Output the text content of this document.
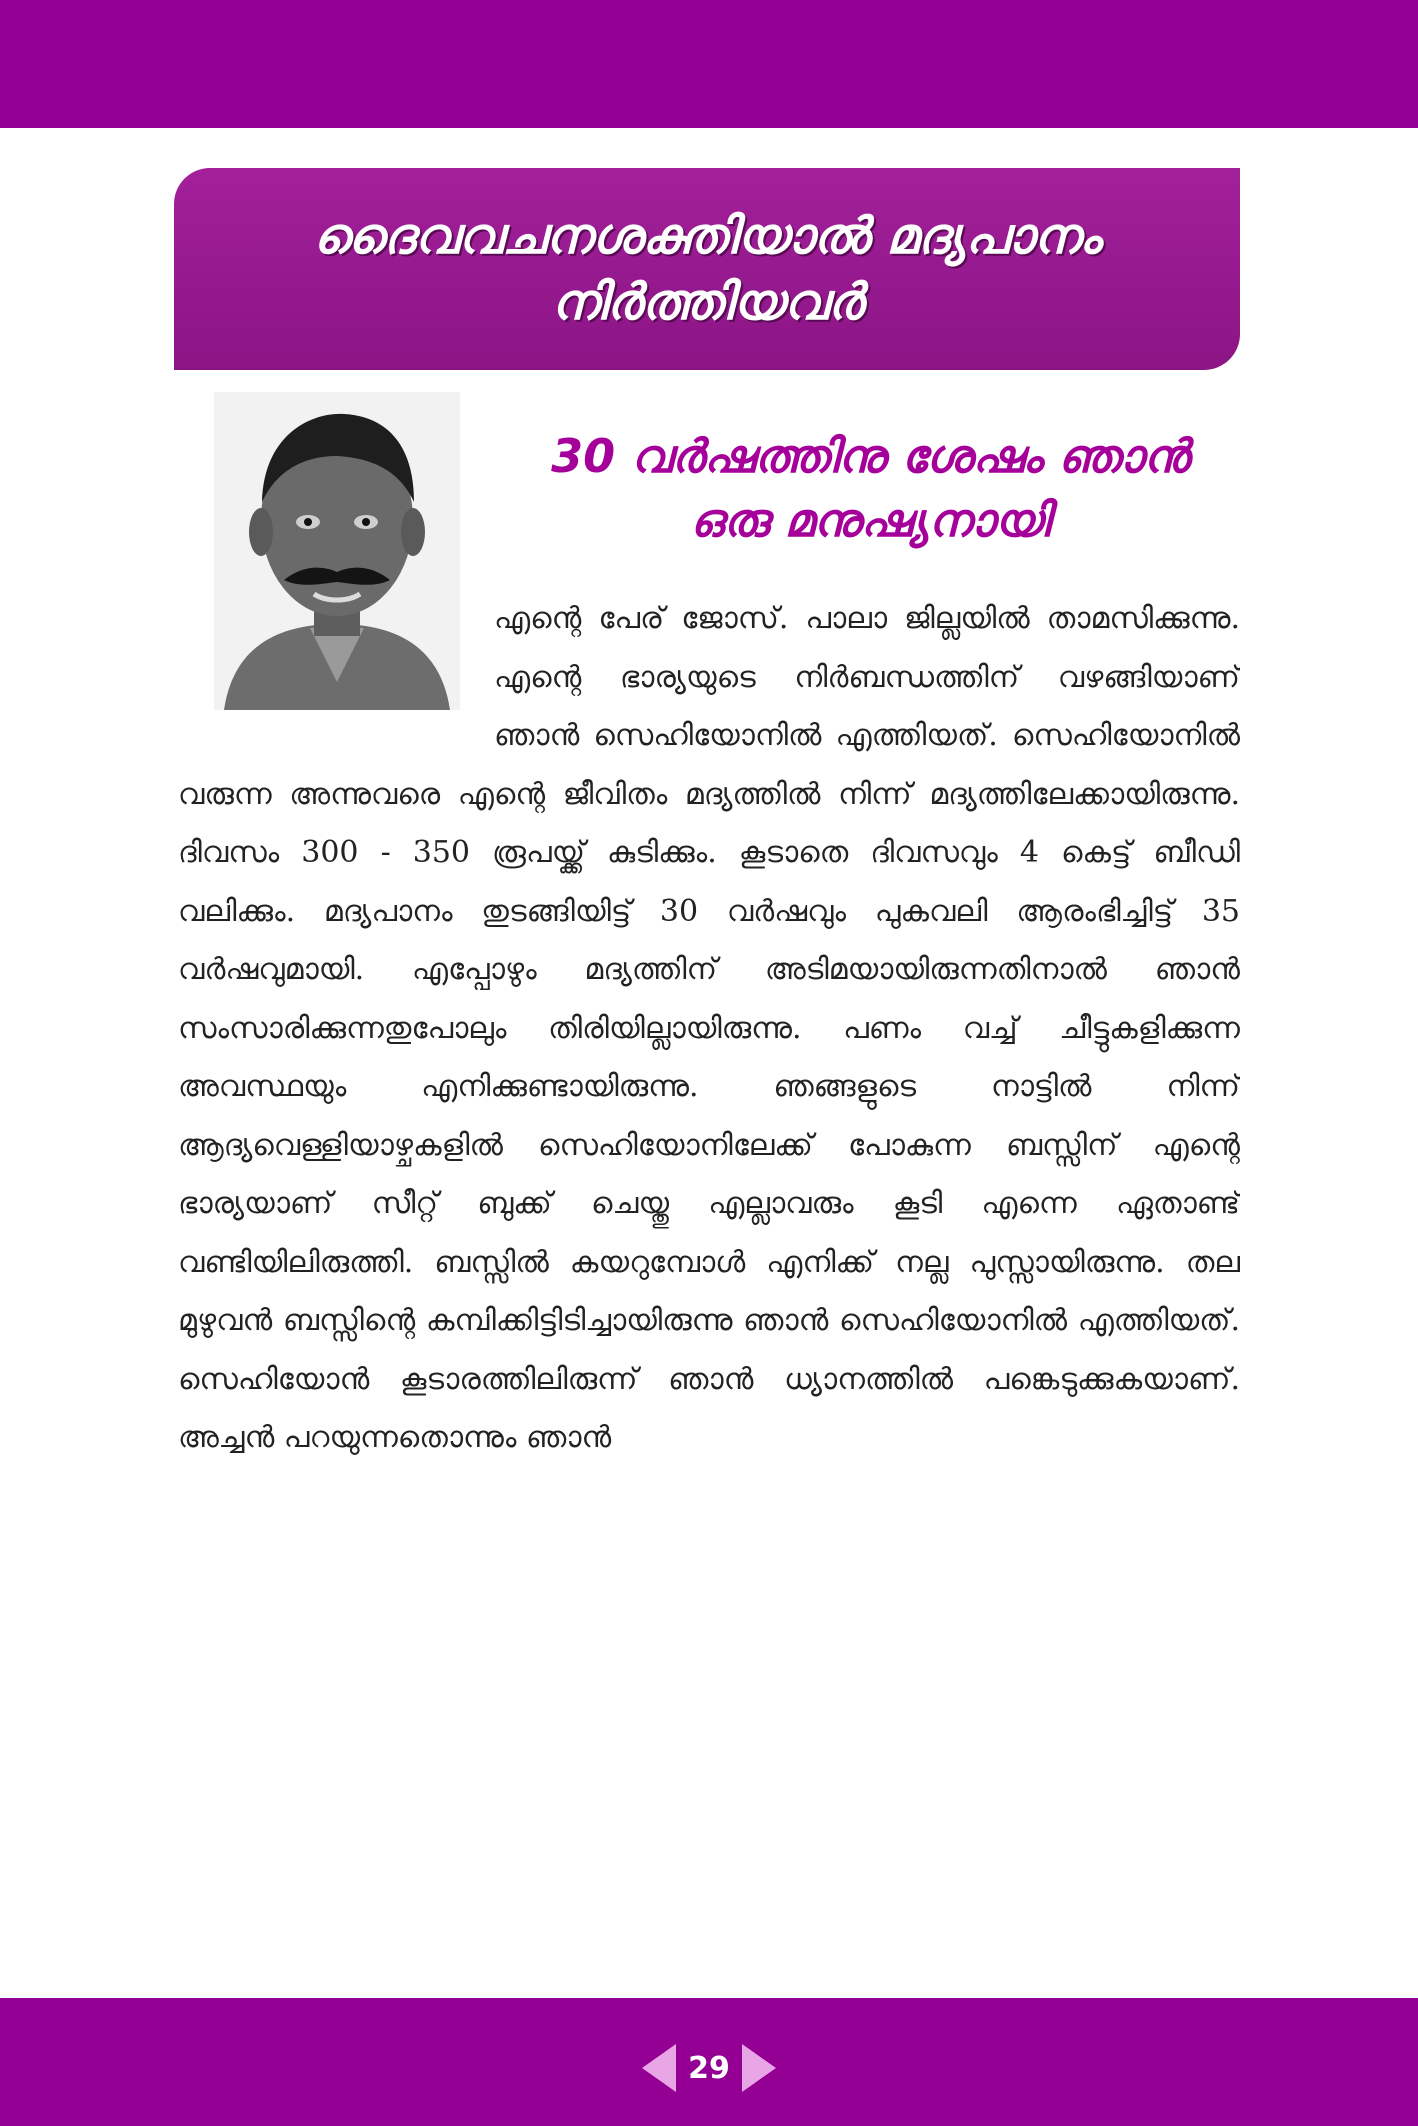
ദൈവവചനശക്തിയാൽ മദ്യപാനം
നിർത്തിയവർ
30 വർഷത്തിനു ശേഷം ഞാൻ
ഒരു മനുഷ്യനായി
എന്റെ പേര് ജോസ്. പാലാ ജില്ലയിൽ താമസിക്കുന്നു. എന്റെ ഭാര്യയുടെ നിർബന്ധത്തിന് വഴങ്ങിയാണ് ഞാൻ സെഹിയോനിൽ എത്തിയത്. സെഹിയോനിൽ വരുന്ന അന്നുവരെ എന്റെ ജീവിതം മദ്യത്തിൽ നിന്ന് മദ്യത്തിലേക്കായിരുന്നു. ദിവസം 300 - 350 രൂപയ്ക്ക് കുടിക്കും. കൂടാതെ ദിവസവും 4 കെട്ട് ബീഡി വലിക്കും. മദ്യപാനം തുടങ്ങിയിട്ട് 30 വർഷവും പുകവലി ആരംഭിച്ചിട്ട് 35 വർഷവുമായി. എപ്പോഴും മദ്യത്തിന് അടിമയായിരുന്നതിനാൽ ഞാൻ സംസാരിക്കുന്നതുപോലും തിരിയില്ലായിരുന്നു. പണം വച്ച് ചീട്ടുകളിക്കുന്ന അവസ്ഥയും എനിക്കുണ്ടായിരുന്നു. ഞങ്ങളുടെ നാട്ടിൽ നിന്ന് ആദ്യവെള്ളിയാഴ്ചകളിൽ സെഹിയോനിലേക്ക് പോകുന്ന ബസ്സിന് എന്റെ ഭാര്യയാണ് സീറ്റ് ബുക്ക് ചെയ്തു എല്ലാവരും കൂടി എന്നെ ഏതാണ്ട് വണ്ടിയിലിരുത്തി. ബസ്സിൽ കയറുമ്പോൾ എനിക്ക് നല്ല പുസ്സായിരുന്നു. തല മുഴുവൻ ബസ്സിന്റെ കമ്പിക്കിട്ടിടിച്ചായിരുന്നു ഞാൻ സെഹിയോനിൽ എത്തിയത്. സെഹിയോൻ കൂടാരത്തിലിരുന്ന് ഞാൻ ധ്യാനത്തിൽ പങ്കെടുക്കുകയാണ്. അച്ചൻ പറയുന്നതൊന്നും ഞാൻ
29
